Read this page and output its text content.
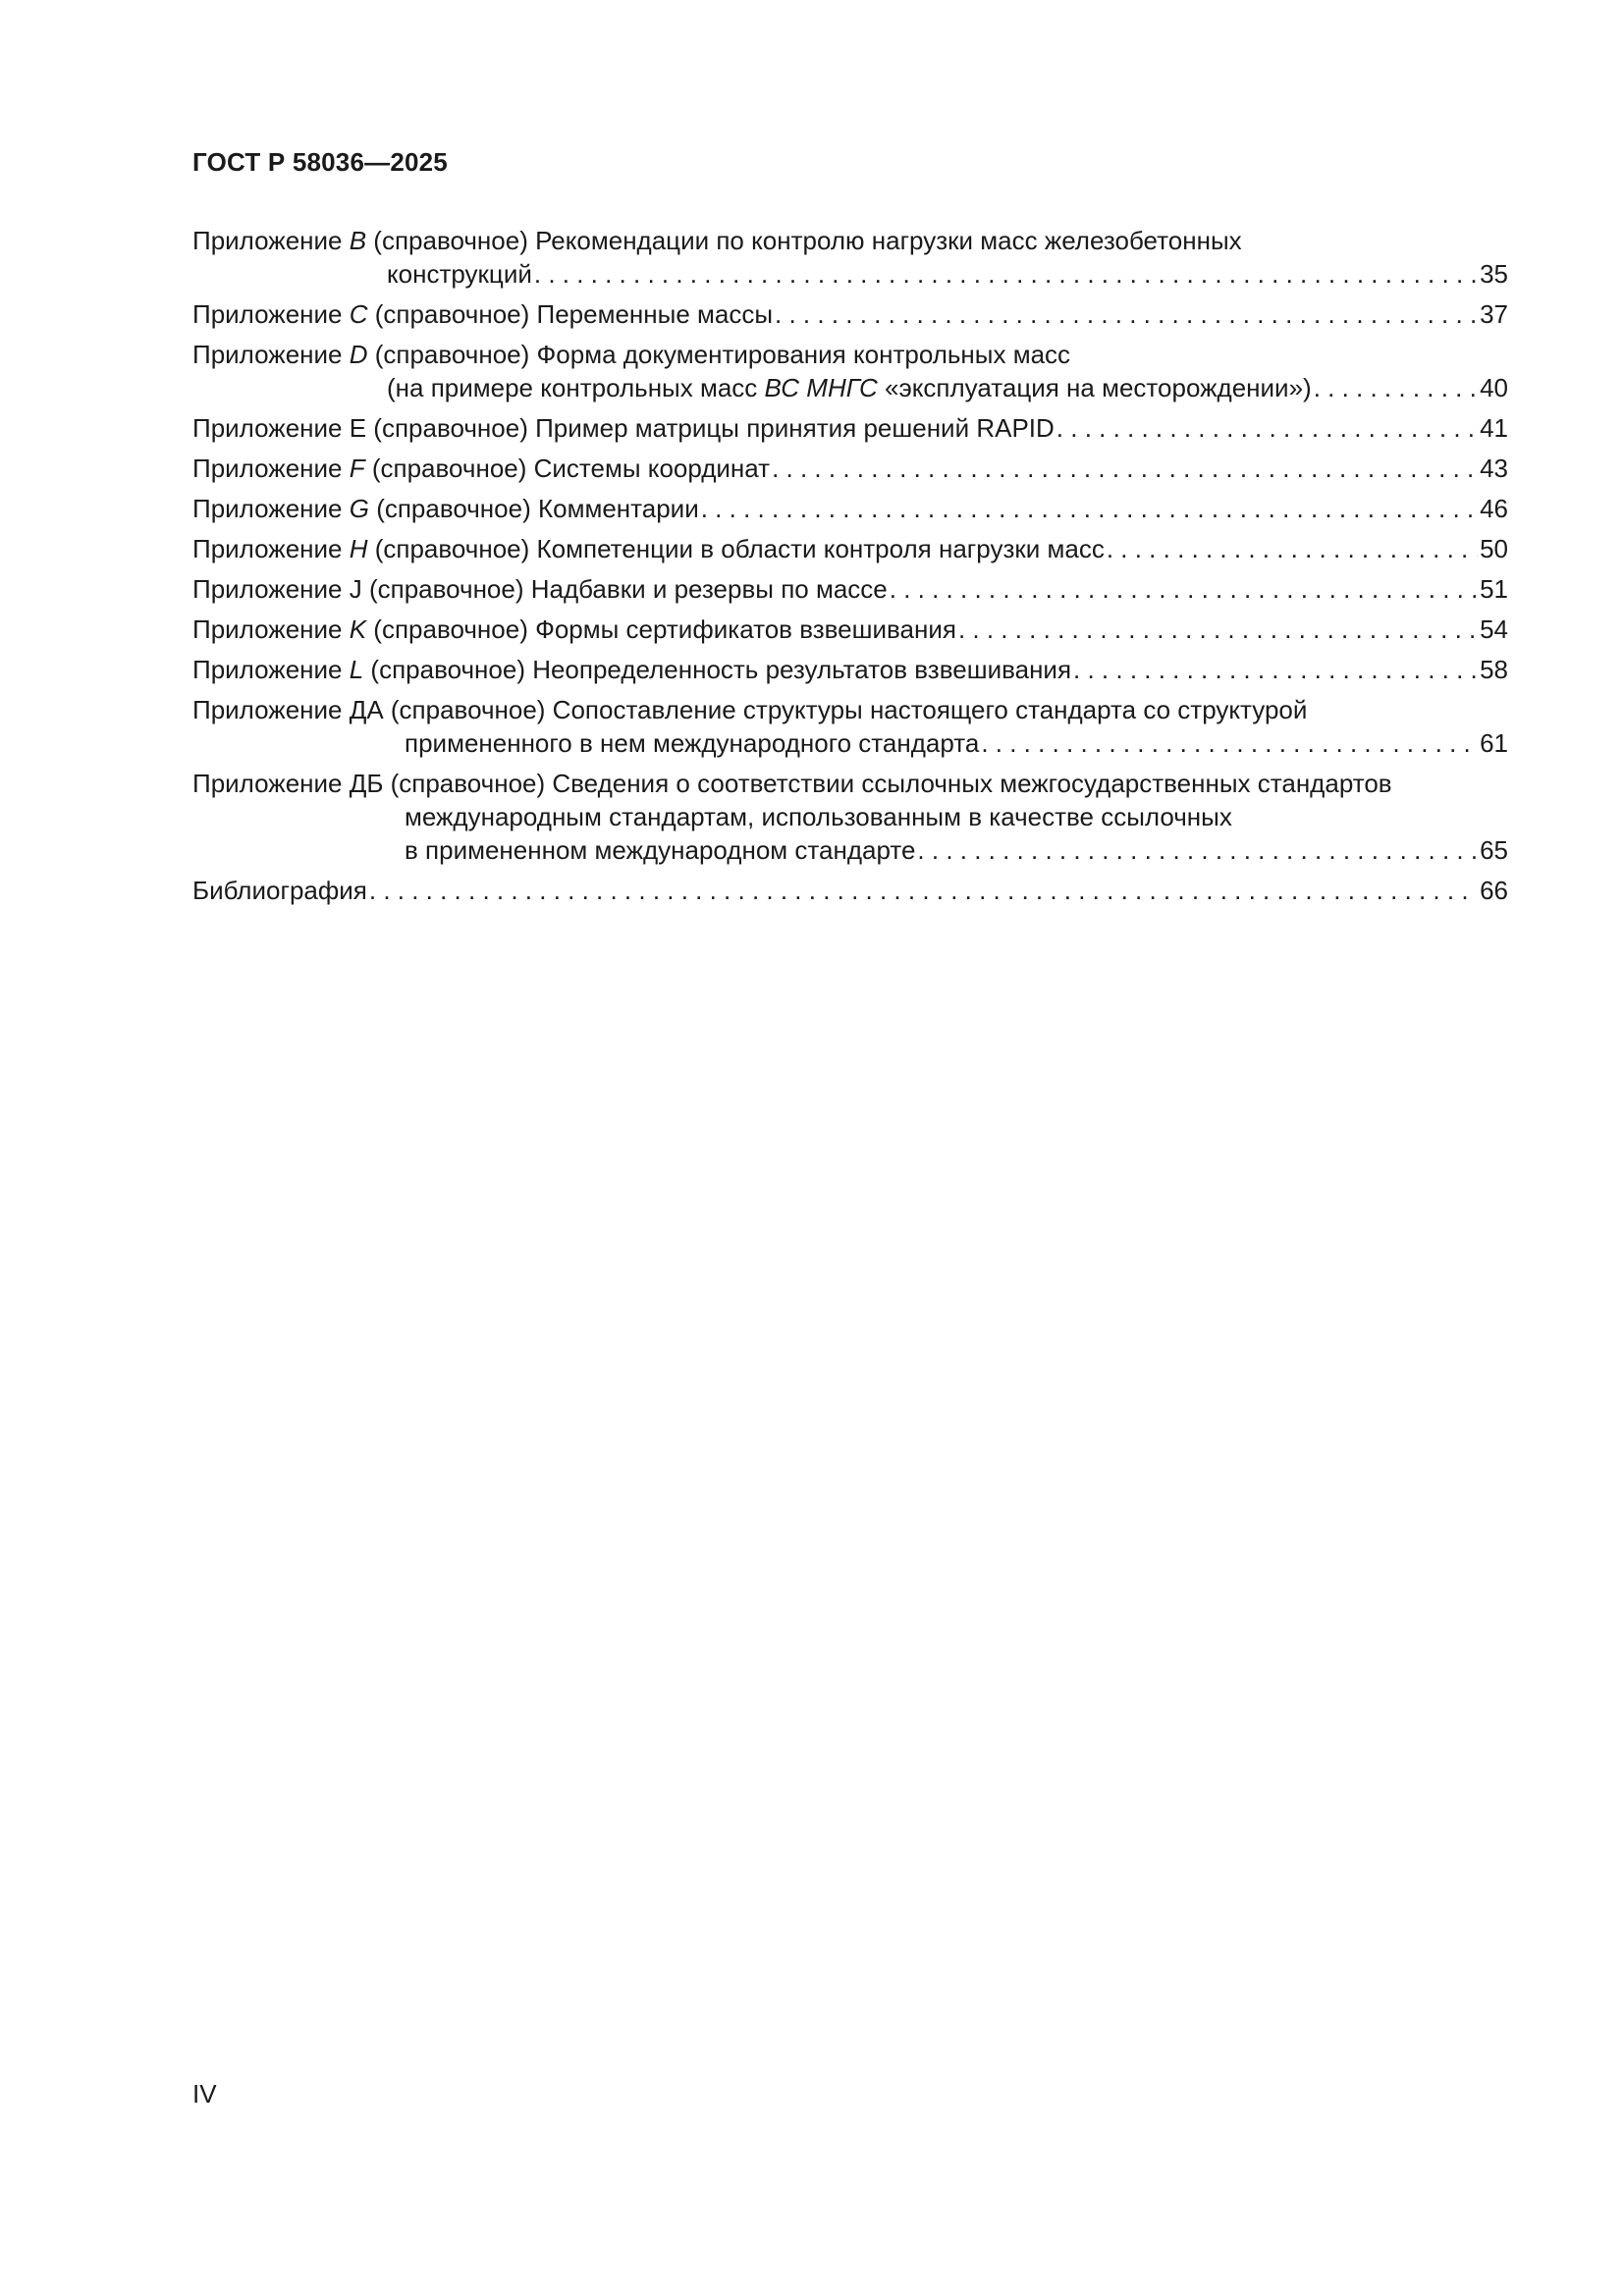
ГОСТ Р 58036—2025
Приложение B (справочное) Рекомендации по контролю нагрузки масс железобетонных
конструкций . . .	35
Приложение C (справочное) Переменные массы . . .	37
Приложение D (справочное) Форма документирования контрольных масс
(на примере контрольных масс ВС МНГС «эксплуатация на месторождении») . . .	40
Приложение E (справочное) Пример матрицы принятия решений RAPID . . .	41
Приложение F (справочное) Системы координат . . .	43
Приложение G (справочное) Комментарии . . .	46
Приложение H (справочное) Компетенции в области контроля нагрузки масс . . .	50
Приложение J (справочное) Надбавки и резервы по массе . . .	51
Приложение K (справочное) Формы сертификатов взвешивания . . .	54
Приложение L (справочное) Неопределенность результатов взвешивания . . .	58
Приложение ДА (справочное) Сопоставление структуры настоящего стандарта со структурой
примененного в нем международного стандарта . . .	61
Приложение ДБ (справочное) Сведения о соответствии ссылочных межгосударственных стандартов
международным стандартам, использованным в качестве ссылочных
в примененном международном стандарте . . .	65
Библиография . . .	66
IV
